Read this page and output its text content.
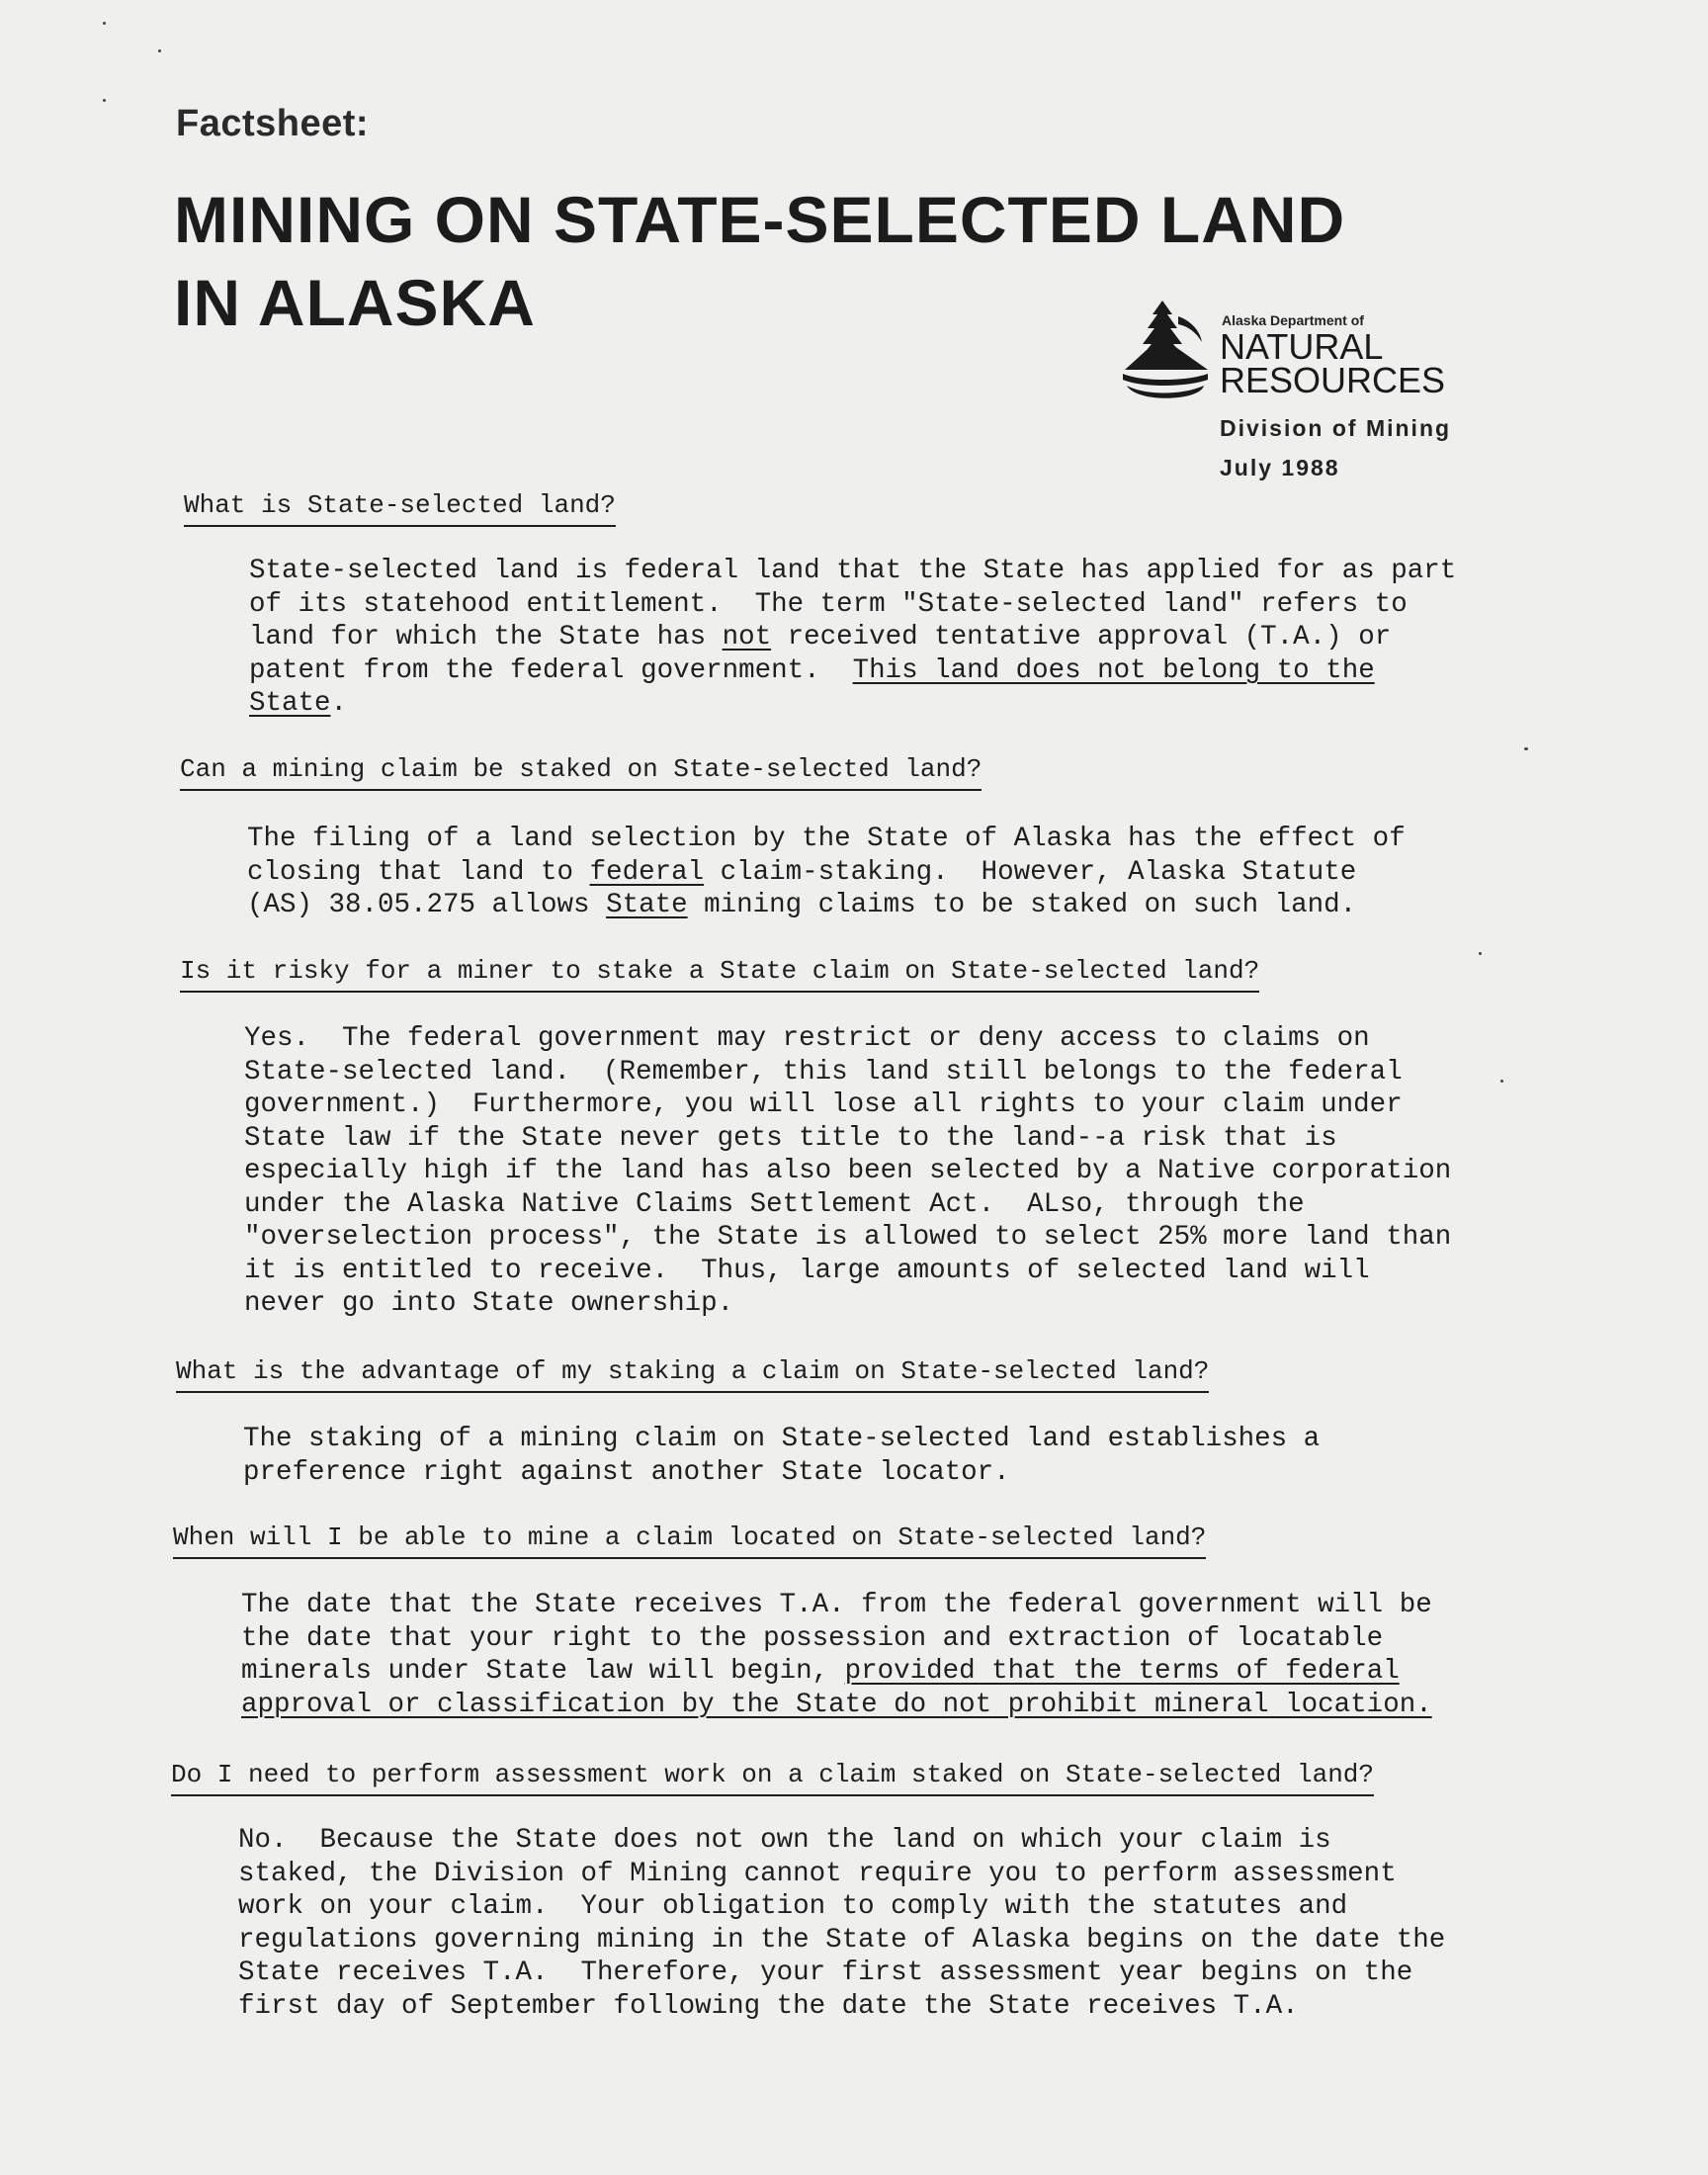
Factsheet:
MINING ON STATE-SELECTED LAND
IN ALASKA	Alaska Department of
NATURAL
RESOURCES
Division of Mining
July 1988
What is State-selected land?
State-selected land is federal land that the State has applied for as part
of its statehood entitlement.  The term "State-selected land" refers to
land for which the State has not received tentative approval (T.A.) or
patent from the federal government.  This land does not belong to the
State.
Can a mining claim be staked on State-selected land?
The filing of a land selection by the State of Alaska has the effect of
closing that land to federal claim-staking.  However, Alaska Statute
(AS) 38.05.275 allows State mining claims to be staked on such land.
Is it risky for a miner to stake a State claim on State-selected land?
Yes.  The federal government may restrict or deny access to claims on
State-selected land.  (Remember, this land still belongs to the federal
government.)  Furthermore, you will lose all rights to your claim under
State law if the State never gets title to the land--a risk that is
especially high if the land has also been selected by a Native corporation
under the Alaska Native Claims Settlement Act.  ALso, through the
"overselection process", the State is allowed to select 25% more land than
it is entitled to receive.  Thus, large amounts of selected land will
never go into State ownership.
What is the advantage of my staking a claim on State-selected land?
The staking of a mining claim on State-selected land establishes a
preference right against another State locator.
When will I be able to mine a claim located on State-selected land?
The date that the State receives T.A. from the federal government will be
the date that your right to the possession and extraction of locatable
minerals under State law will begin, provided that the terms of federal
approval or classification by the State do not prohibit mineral location.
Do I need to perform assessment work on a claim staked on State-selected land?
No.  Because the State does not own the land on which your claim is
staked, the Division of Mining cannot require you to perform assessment
work on your claim.  Your obligation to comply with the statutes and
regulations governing mining in the State of Alaska begins on the date the
State receives T.A.  Therefore, your first assessment year begins on the
first day of September following the date the State receives T.A.
